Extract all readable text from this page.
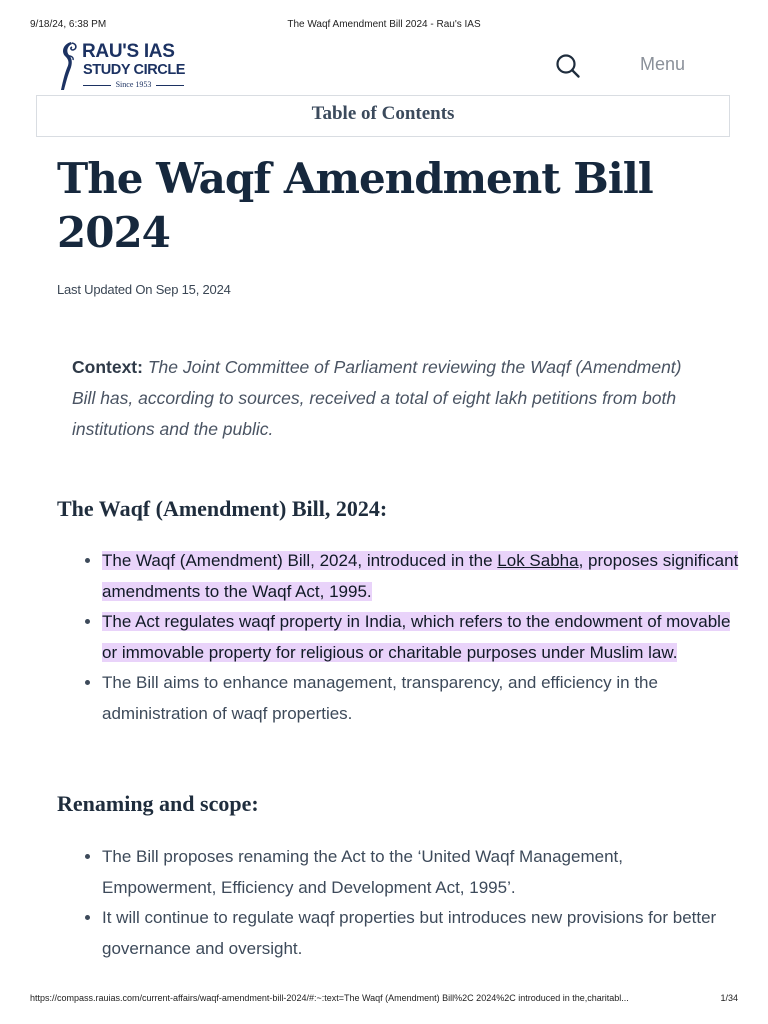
9/18/24, 6:38 PM	The Waqf Amendment Bill 2024 - Rau's IAS
RAU'S IAS
STUDY CIRCLE
Since 1953
Menu
Table of Contents
The Waqf Amendment Bill 2024
Last Updated On Sep 15, 2024
Context: The Joint Committee of Parliament reviewing the Waqf (Amendment) Bill has, according to sources, received a total of eight lakh petitions from both institutions and the public.
The Waqf (Amendment) Bill, 2024:
• The Waqf (Amendment) Bill, 2024, introduced in the Lok Sabha, proposes significant amendments to the Waqf Act, 1995.
• The Act regulates waqf property in India, which refers to the endowment of movable or immovable property for religious or charitable purposes under Muslim law.
• The Bill aims to enhance management, transparency, and efficiency in the administration of waqf properties.
Renaming and scope:
• The Bill proposes renaming the Act to the ‘United Waqf Management, Empowerment, Efficiency and Development Act, 1995’.
• It will continue to regulate waqf properties but introduces new provisions for better governance and oversight.
https://compass.rauias.com/current-affairs/waqf-amendment-bill-2024/#:~:text=The Waqf (Amendment) Bill%2C 2024%2C introduced in the,charitabl...	1/34
